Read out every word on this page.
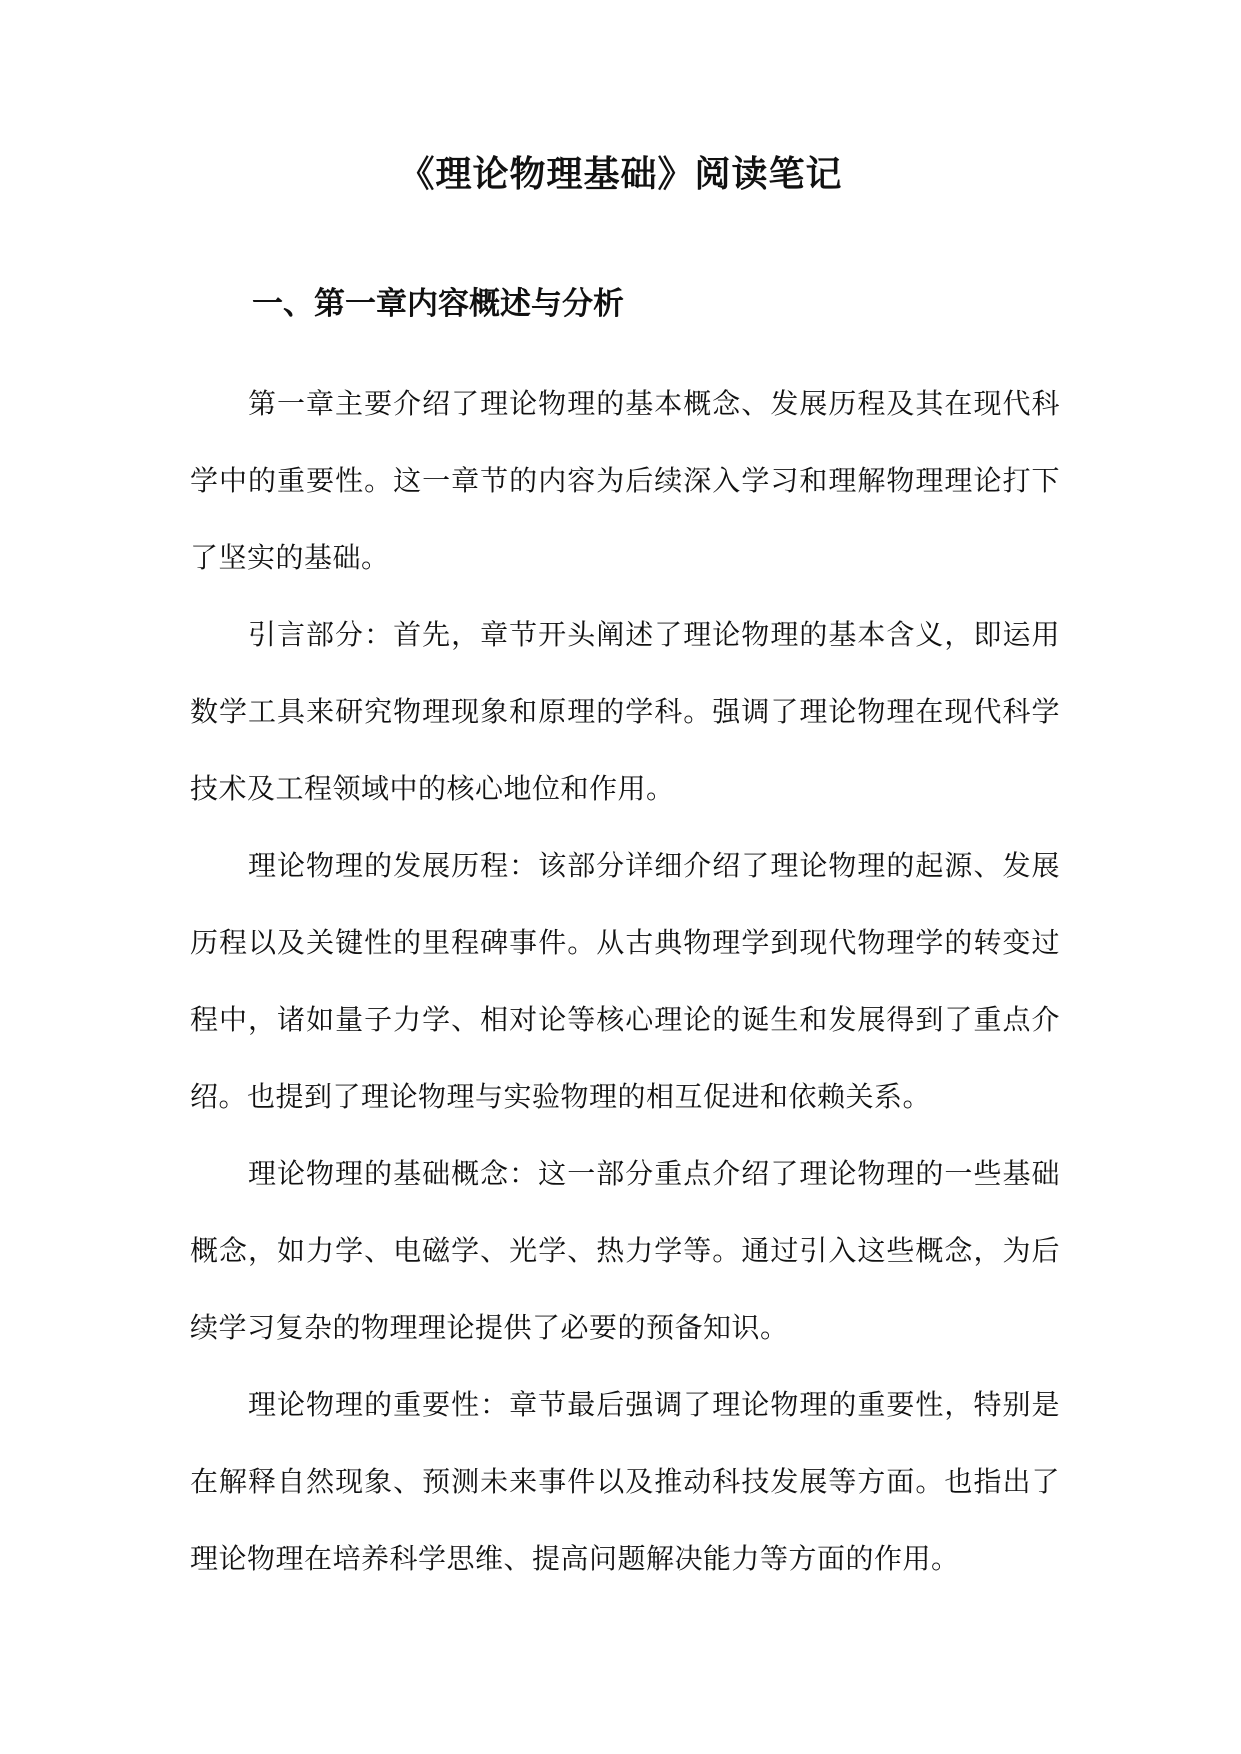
《理论物理基础》阅读笔记
一、第一章内容概述与分析

第一章主要介绍了理论物理的基本概念、发展历程及其在现代科学中的重要性。这一章节的内容为后续深入学习和理解物理理论打下了坚实的基础。

引言部分：首先，章节开头阐述了理论物理的基本含义，即运用数学工具来研究物理现象和原理的学科。强调了理论物理在现代科学技术及工程领域中的核心地位和作用。

理论物理的发展历程：该部分详细介绍了理论物理的起源、发展历程以及关键性的里程碑事件。从古典物理学到现代物理学的转变过程中，诸如量子力学、相对论等核心理论的诞生和发展得到了重点介绍。也提到了理论物理与实验物理的相互促进和依赖关系。

理论物理的基础概念：这一部分重点介绍了理论物理的一些基础概念，如力学、电磁学、光学、热力学等。通过引入这些概念，为后续学习复杂的物理理论提供了必要的预备知识。

理论物理的重要性：章节最后强调了理论物理的重要性，特别是在解释自然现象、预测未来事件以及推动科技发展等方面。也指出了理论物理在培养科学思维、提高问题解决能力等方面的作用。
